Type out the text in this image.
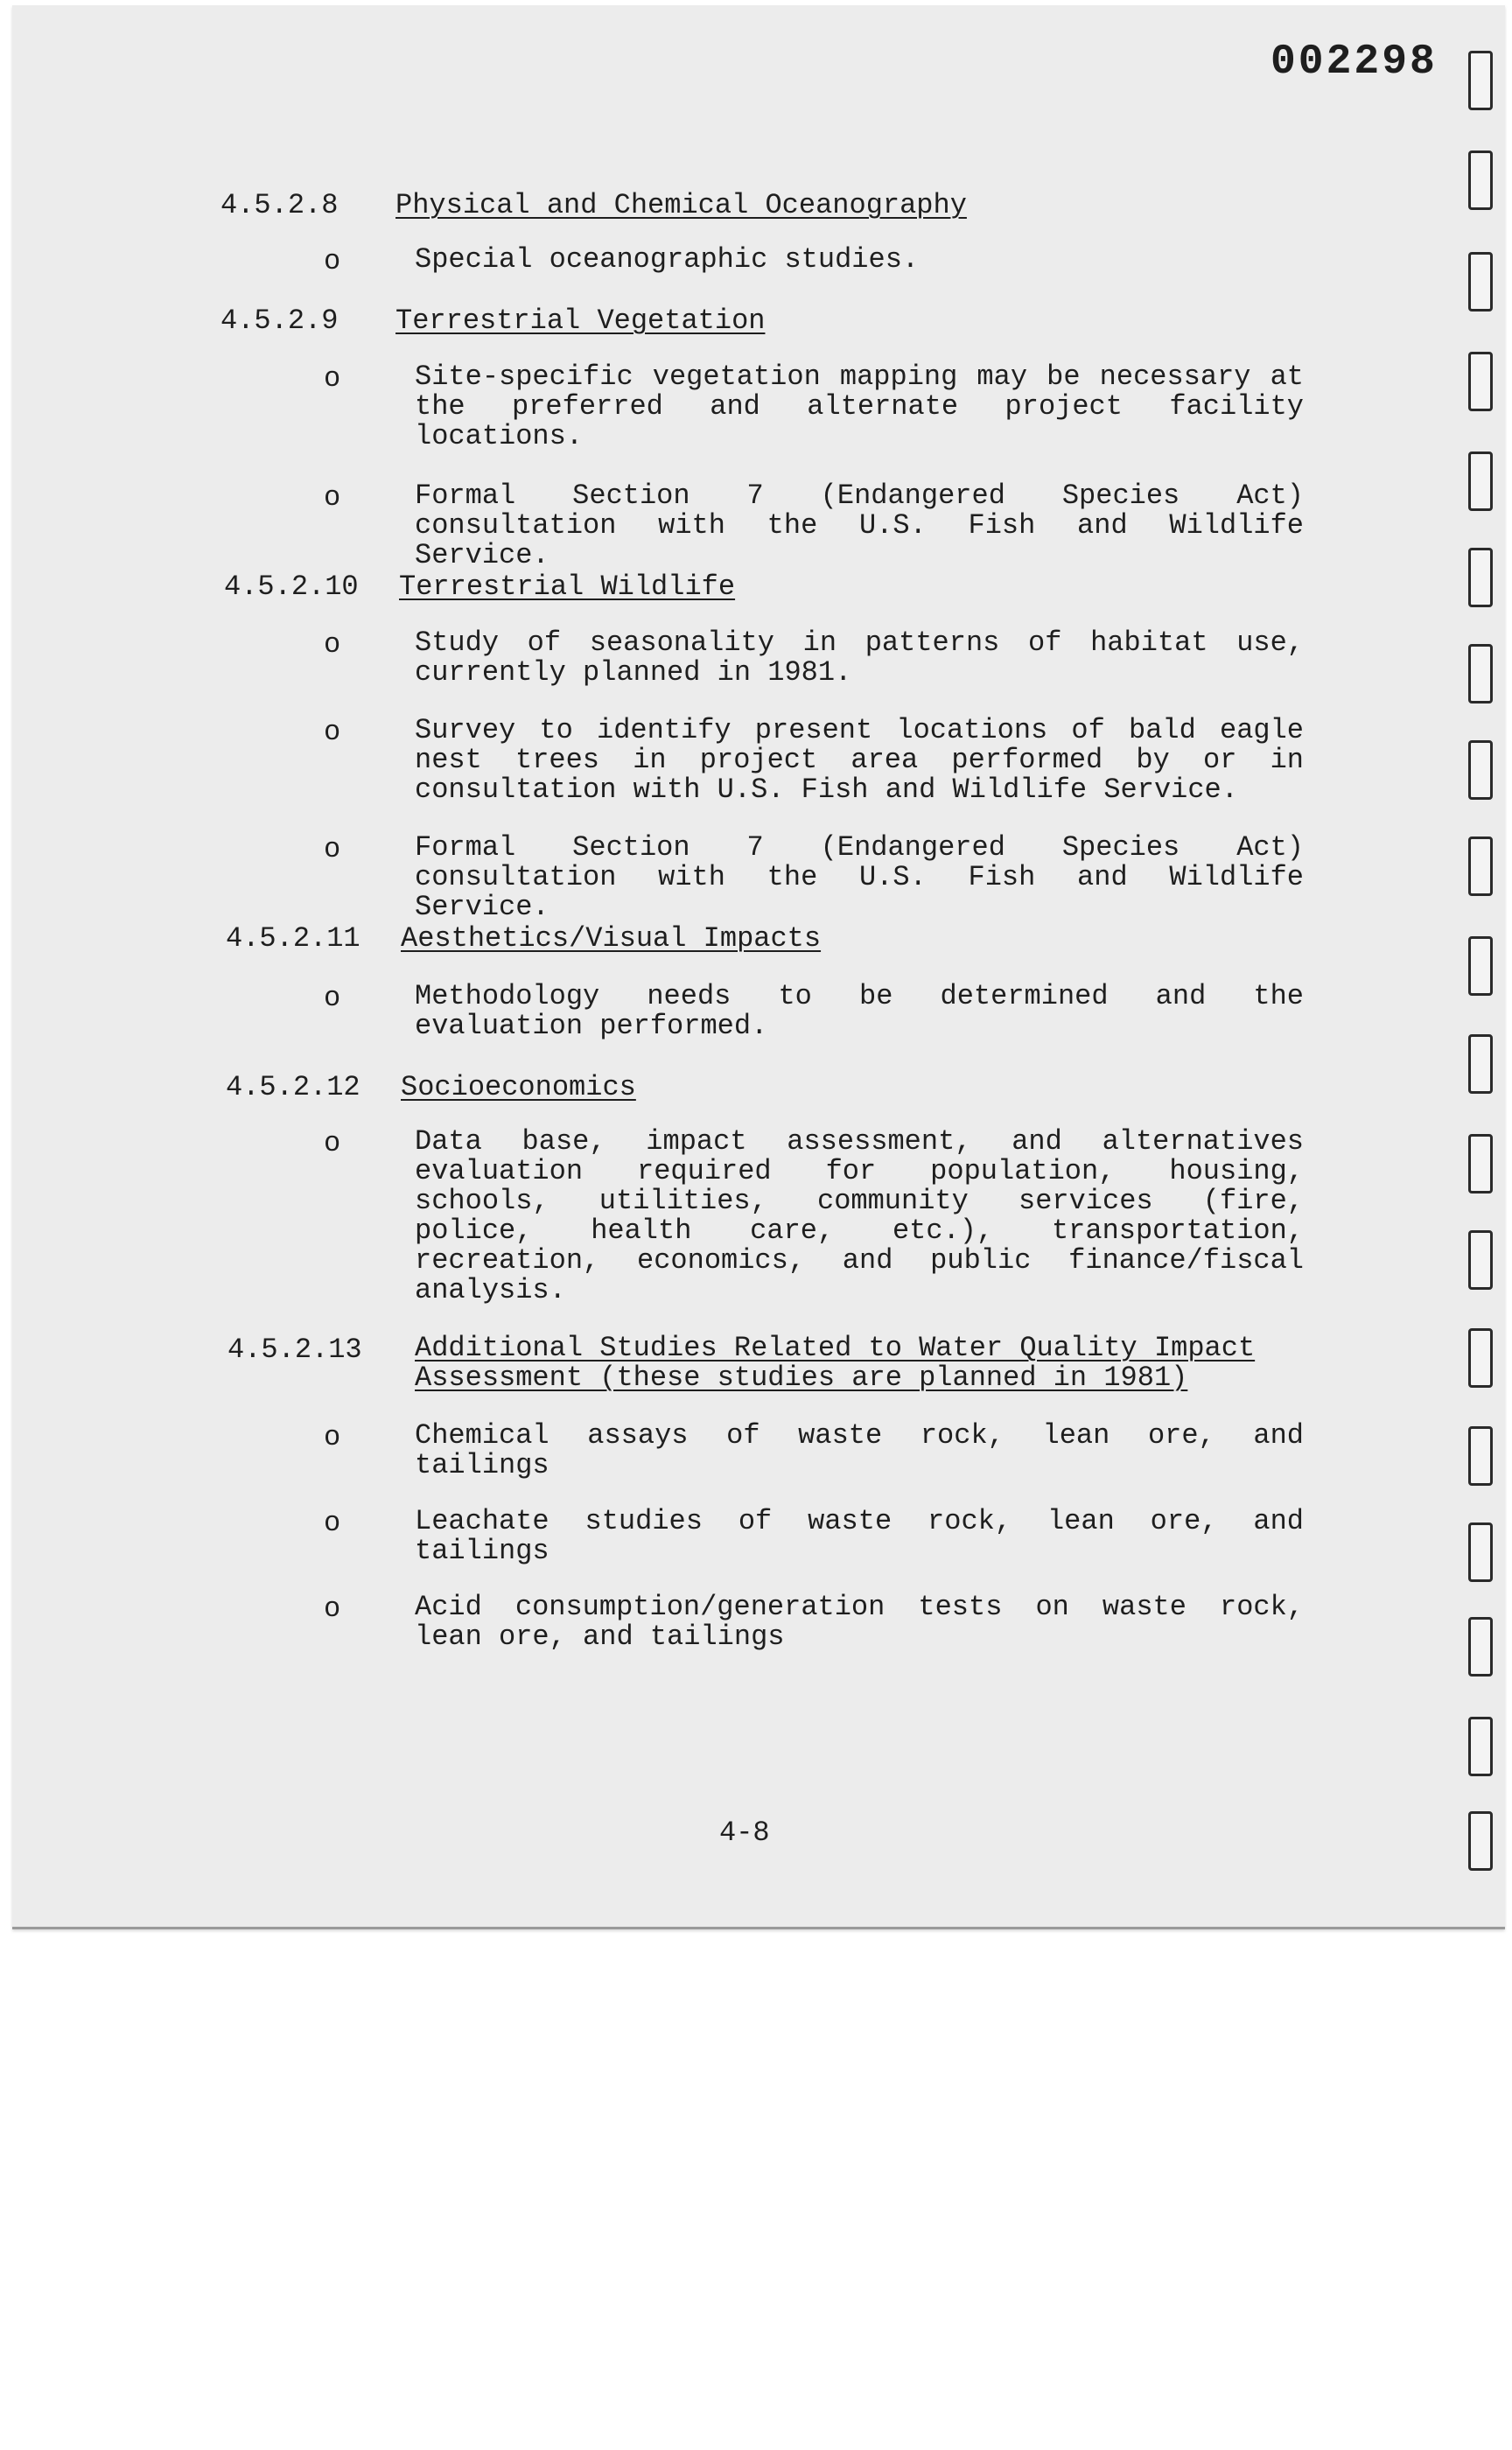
002298
4.5.2.8 Physical and Chemical Oceanography
o	Special oceanographic studies.
4.5.2.9 Terrestrial Vegetation
o	Site-specific vegetation mapping may be necessary at the preferred and alternate project facility locations.
o	Formal Section 7 (Endangered Species Act) consultation with the U.S. Fish and Wildlife Service.
4.5.2.10 Terrestrial Wildlife
o	Study of seasonality in patterns of habitat use, currently planned in 1981.
o	Survey to identify present locations of bald eagle nest trees in project area performed by or in consultation with U.S. Fish and Wildlife Service.
o	Formal Section 7 (Endangered Species Act) consultation with the U.S. Fish and Wildlife Service.
4.5.2.11 Aesthetics/Visual Impacts
o	Methodology needs to be determined and the evaluation performed.
4.5.2.12 Socioeconomics
o	Data base, impact assessment, and alternatives evaluation required for population, housing, schools, utilities, community services (fire, police, health care, etc.), transportation, recreation, economics, and public finance/fiscal analysis.
4.5.2.13	Additional Studies Related to Water Quality Impact Assessment (these studies are planned in 1981)
o	Chemical assays of waste rock, lean ore, and tailings
o	Leachate studies of waste rock, lean ore, and tailings
o	Acid consumption/generation tests on waste rock, lean ore, and tailings
4-8
